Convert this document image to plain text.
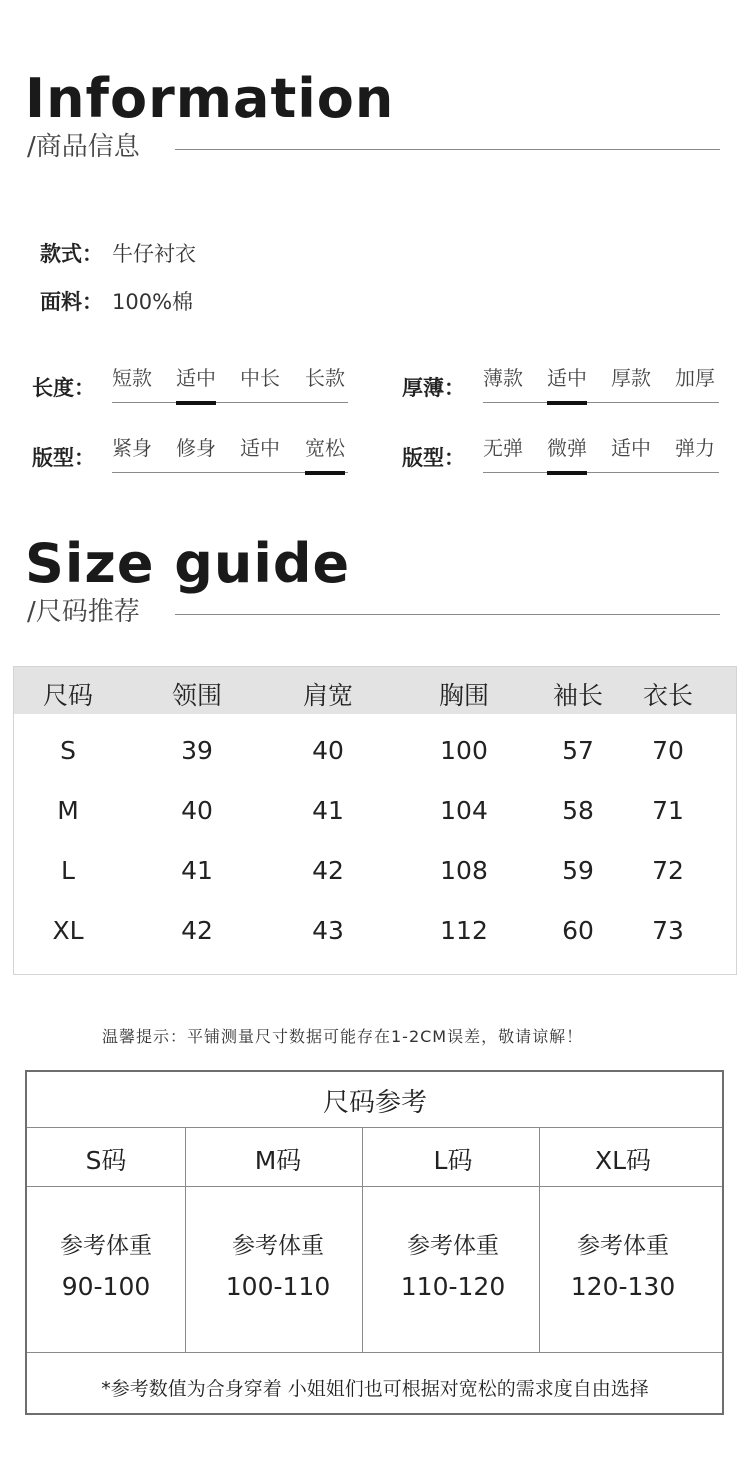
Information
/商品信息
款式： 牛仔衬衣
面料： 100%棉
长度： 短款 适中 中长 长款	厚薄： 薄款 适中 厚款 加厚
版型： 紧身 修身 适中 宽松	版型： 无弹 微弹 适中 弹力
Size guide
/尺码推荐
尺码	领围	肩宽	胸围	袖长 衣长
S	39	40	100	57 70
M	40	41	104	58 71
L	41	42	108	59 72
XL	42	43	112	60 73
温馨提示：平铺测量尺寸数据可能存在1-2CM误差，敬请谅解！
尺码参考
S码	M码	L码	XL码
参考体重	参考体重	参考体重	参考体重
90-100	100-110	110-120	120-130
*参考数值为合身穿着 小姐姐们也可根据对宽松的需求度自由选择
